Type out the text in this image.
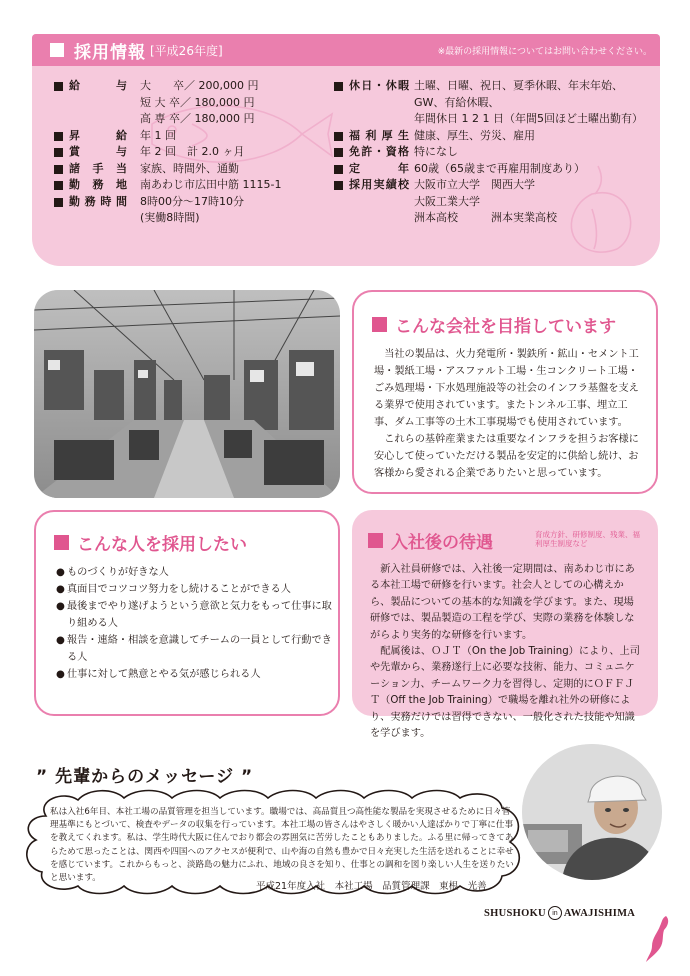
採用情報 [平成26年度]	※最新の採用情報についてはお問い合わせください。
給与 大　　卒／ 200,000 円
短 大 卒／ 180,000 円
高 専 卒／ 180,000 円
昇給 年 1 回
賞与 年 2 回　計 2.0 ヶ月
諸手当 家族、時間外、通勤
勤務地 南あわじ市広田中筋 1115-1
勤務時間 8時00分～17時10分
(実働8時間)
休日・休暇 土曜、日曜、祝日、夏季休暇、年末年始、
GW、有給休暇、
年間休日 1 2 1 日（年間5回ほど土曜出勤有）
福利厚生 健康、厚生、労災、雇用
免許・資格 特になし
定年 60歳（65歳まで再雇用制度あり）
採用実績校 大阪市立大学　関西大学
大阪工業大学
洲本高校　　　洲本実業高校
こんな会社を目指しています

当社の製品は、火力発電所・製鉄所・鉱山・セメント工場・製紙工場・アスファルト工場・生コンクリート工場・ごみ処理場・下水処理施設等の社会のインフラ基盤を支える業界で使用されています。またトンネル工事、埋立工事、ダム工事等の土木工事現場でも使用されています。

これらの基幹産業または重要なインフラを担うお客様に安心して使っていただける製品を安定的に供給し続け、お客様から愛される企業でありたいと思っています。

こんな人を採用したい
● ものづくりが好きな人
● 真面目でコツコツ努力をし続けることができる人
● 最後までやり遂げようという意欲と気力をもって仕事に取り組める人
● 報告・連絡・相談を意識してチームの一員として行動できる人
● 仕事に対して熱意とやる気が感じられる人
入社後の待遇	育成方針、研修制度、残業、福利厚生制度など

新入社員研修では、入社後一定期間は、南あわじ市にある本社工場で研修を行います。社会人としての心構えから、製品についての基本的な知識を学びます。また、現場研修では、製品製造の工程を学び、実際の業務を体験しながらより実务的な研修を行います。

配属後は、ＯＪＴ（On the Job Training）により、上司や先輩から、業務遂行上に必要な技術、能力、コミュニケーション力、チームワーク力を習得し、定期的にＯＦＦＪＴ（Off the Job Training）で職場を離れ社外の研修により、実務だけでは習得できない、一般化された技能や知識を学びます。

” 先輩からのメッセージ ”

私は入社6年目、本社工場の品質管理を担当しています。職場では、高品質且つ高性能な製品を実現させるために日々管理基準にもとづいて、検査やデータの収集を行っています。本社工場の皆さんはやさしく暖かい人達ばかりで丁寧に仕事を教えてくれます。私は、学生時代大阪に住んでおり都会の雰囲気に苦労したこともありました。ふる里に帰ってきてあらためて思ったことは、関西や四国へのアクセスが便利で、山や海の自然も豊かで日々充実した生活を送れることに幸せを感じています。これからもっと、淡路島の魅力にふれ、地域の良さを知り、仕事との調和を図り楽しい人生を送りたいと思います。

平成21年度入社　本社工場　品質管理課　東根　光善
SHUSHOKU in AWAJISHIMA
